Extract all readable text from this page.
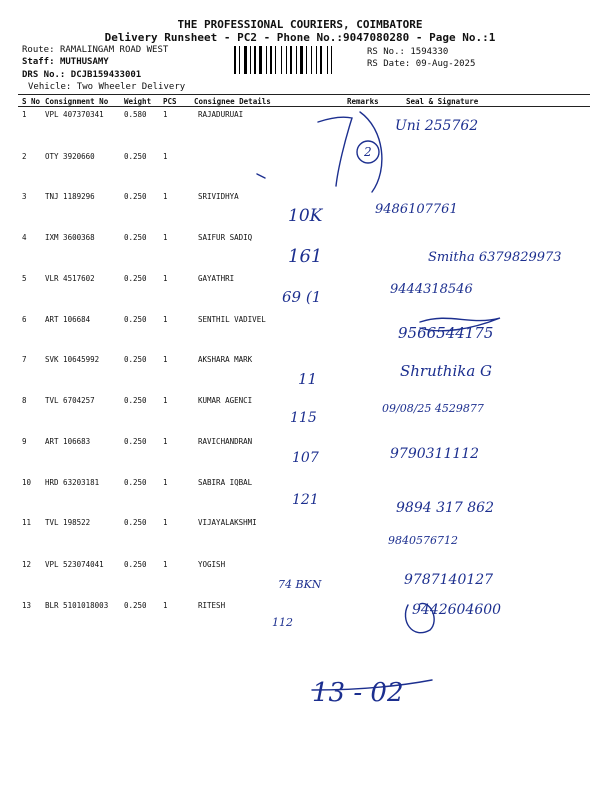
THE PROFESSIONAL COURIERS, COIMBATORE
Delivery Runsheet - PC2 - Phone No.:9047080280 - Page No.:1
Route: RAMALINGAM ROAD WEST
Staff: MUTHUSAMY
DRS No.: DCJB159433001
Vehicle: Two Wheeler Delivery
RS No.: 1594330
RS Date: 09-Aug-2025
S No Consignment No Weight PCS Consignee Details	Remarks	Seal & Signature
1 VPL 407370341	0.580 1	RAJADURUAI
Uni 255762
2 OTY 3920660	0.250 1
3 TNJ 1189296	0.250 1	SRIVIDHYA
10K	9486107761
4 IXM 3600368	0.250 1	SAIFUR SADIQ
161	Smitha 6379829973
5 VLR 4517602	0.250 1	GAYATHRI
69 (1	9444318546
6 ART 106684	0.250 1	SENTHIL VADIVEL
9566544175
7 SVK 10645992	0.250 1	AKSHARA MARK
11	Shruthika G
8 TVL 6704257	0.250 1	KUMAR AGENCI
115
09/08/25 4529877
9 ART 106683	0.250 1	RAVICHANDRAN
107	9790311112
10 HRD 63203181	0.250 1	SABIRA IQBAL
121	9894 317 862
11 TVL 198522	0.250 1	VIJAYALAKSHMI
9840576712
12 VPL 523074041	0.250 1	YOGISH
74 BKN	9787140127
13 BLR 5101018003 0.250 1	RITESH
112
9442604600
2
13 - 02
